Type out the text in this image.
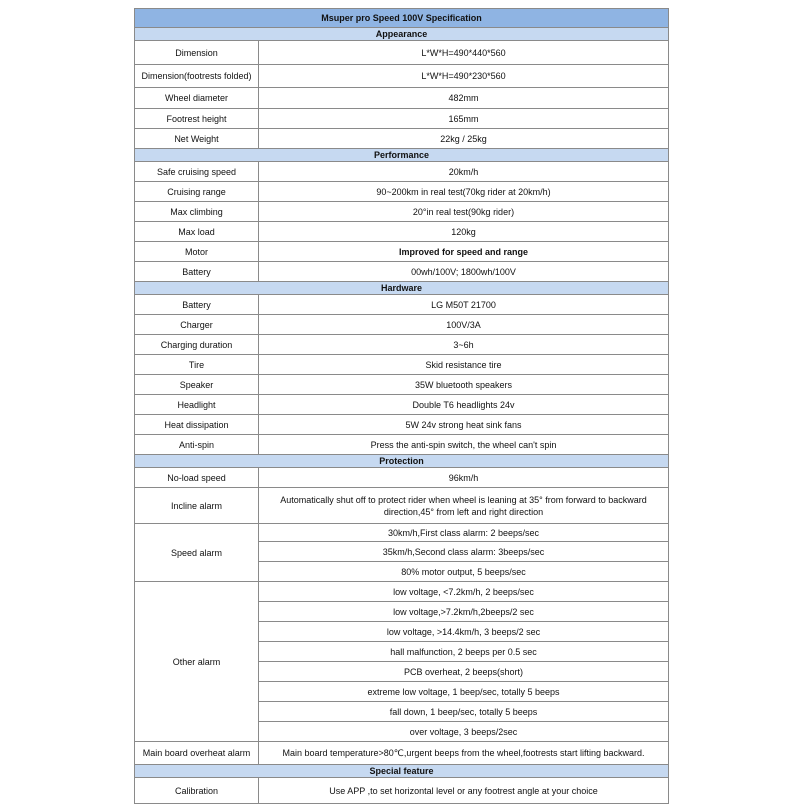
Msuper pro Speed 100V Specification	
Appearance	
Dimension	L*W*H=490*440*560
Dimension(footrests folded)	L*W*H=490*230*560
Wheel diameter	482mm
Footrest height	165mm
Net Weight	22kg / 25kg
Performance	
Safe cruising speed	20km/h
Cruising range	90~200km in real test(70kg rider at 20km/h)
Max climbing	20°in real test(90kg rider)
Max load	120kg
Motor	Improved for speed and range
Battery	00wh/100V; 1800wh/100V
Hardware	
Battery	LG M50T 21700
Charger	100V/3A
Charging duration	3~6h
Tire	Skid resistance tire
Speaker	35W bluetooth speakers
Headlight	Double T6 headlights 24v
Heat dissipation	5W 24v strong heat sink fans
Anti-spin	Press the anti-spin switch, the wheel can't spin
Protection	
No-load speed	96km/h
Incline alarm	Automatically shut off to protect rider when wheel is leaning at 35° from forward to backward direction,45° from left and right direction
Speed alarm	30km/h,First class alarm: 2 beeps/sec
	35km/h,Second class alarm: 3beeps/sec
	80% motor output, 5 beeps/sec
Other alarm	low voltage, <7.2km/h, 2 beeps/sec
	low voltage,>7.2km/h,2beeps/2 sec
	low voltage, >14.4km/h, 3 beeps/2 sec
	hall malfunction, 2 beeps per 0.5 sec
	PCB overheat, 2 beeps(short)
	extreme low voltage, 1 beep/sec, totally 5 beeps
	fall down, 1 beep/sec, totally 5 beeps
	over voltage, 3 beeps/2sec
Main board overheat alarm	Main board temperature>80℃,urgent beeps from the wheel,footrests start lifting backward.
Special feature	
Calibration	Use APP ,to set horizontal level or any footrest angle at your choice
